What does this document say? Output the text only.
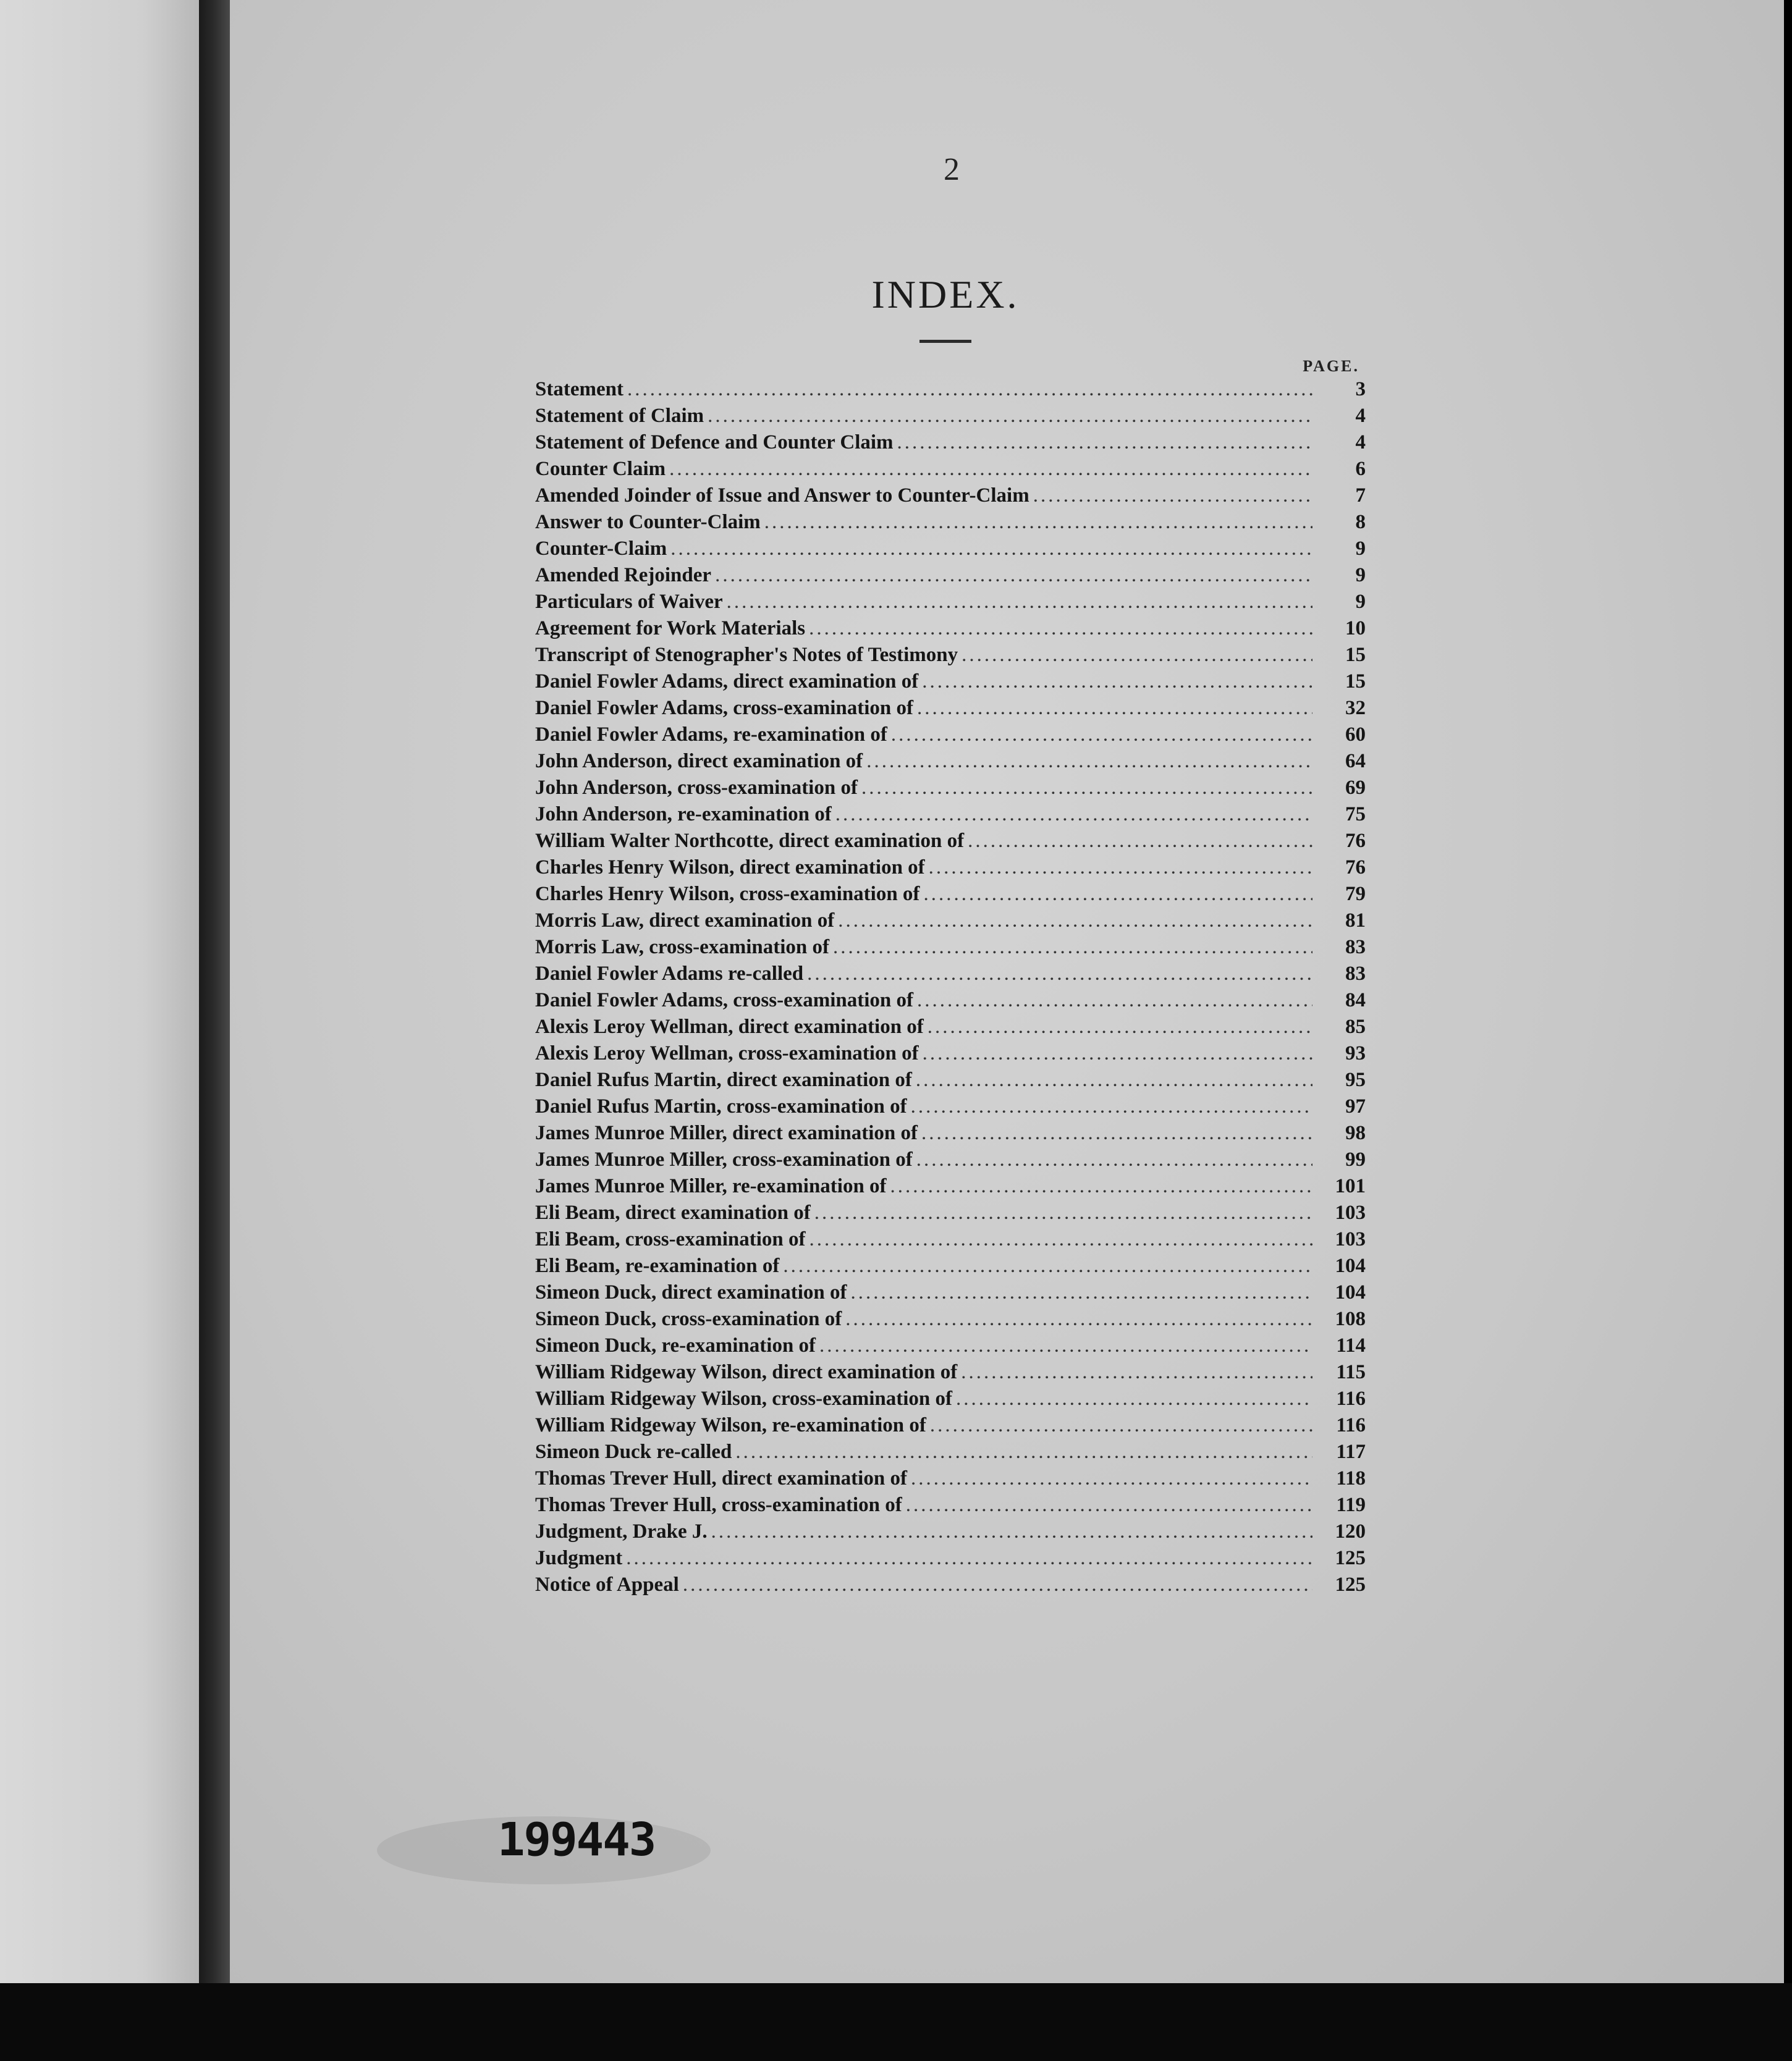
2
INDEX.
PAGE.
Statement .....	3
Statement of Claim .....	4
Statement of Defence and Counter Claim .....	4
Counter Claim .....	6
Amended Joinder of Issue and Answer to Counter-Claim .....	7
Answer to Counter-Claim .....	8
Counter-Claim .....	9
Amended Rejoinder .....	9
Particulars of Waiver .....	9
Agreement for Work Materials .....	10
Transcript of Stenographer's Notes of Testimony .....	15
Daniel Fowler Adams, direct examination of .....	15
Daniel Fowler Adams, cross-examination of .....	32
Daniel Fowler Adams, re-examination of .....	60
John Anderson, direct examination of .....	64
John Anderson, cross-examination of .....	69
John Anderson, re-examination of .....	75
William Walter Northcotte, direct examination of .....	76
Charles Henry Wilson, direct examination of .....	76
Charles Henry Wilson, cross-examination of .....	79
Morris Law, direct examination of .....	81
Morris Law, cross-examination of .....	83
Daniel Fowler Adams re-called .....	83
Daniel Fowler Adams, cross-examination of .....	84
Alexis Leroy Wellman, direct examination of .....	85
Alexis Leroy Wellman, cross-examination of .....	93
Daniel Rufus Martin, direct examination of .....	95
Daniel Rufus Martin, cross-examination of .....	97
James Munroe Miller, direct examination of .....	98
James Munroe Miller, cross-examination of .....	99
James Munroe Miller, re-examination of .....	101
Eli Beam, direct examination of .....	103
Eli Beam, cross-examination of .....	103
Eli Beam, re-examination of .....	104
Simeon Duck, direct examination of .....	104
Simeon Duck, cross-examination of .....	108
Simeon Duck, re-examination of .....	114
William Ridgeway Wilson, direct examination of .....	115
William Ridgeway Wilson, cross-examination of .....	116
William Ridgeway Wilson, re-examination of .....	116
Simeon Duck re-called .....	117
Thomas Trever Hull, direct examination of .....	118
Thomas Trever Hull, cross-examination of .....	119
Judgment, Drake J. .....	120
Judgment .....	125
Notice of Appeal .....	125
199443
